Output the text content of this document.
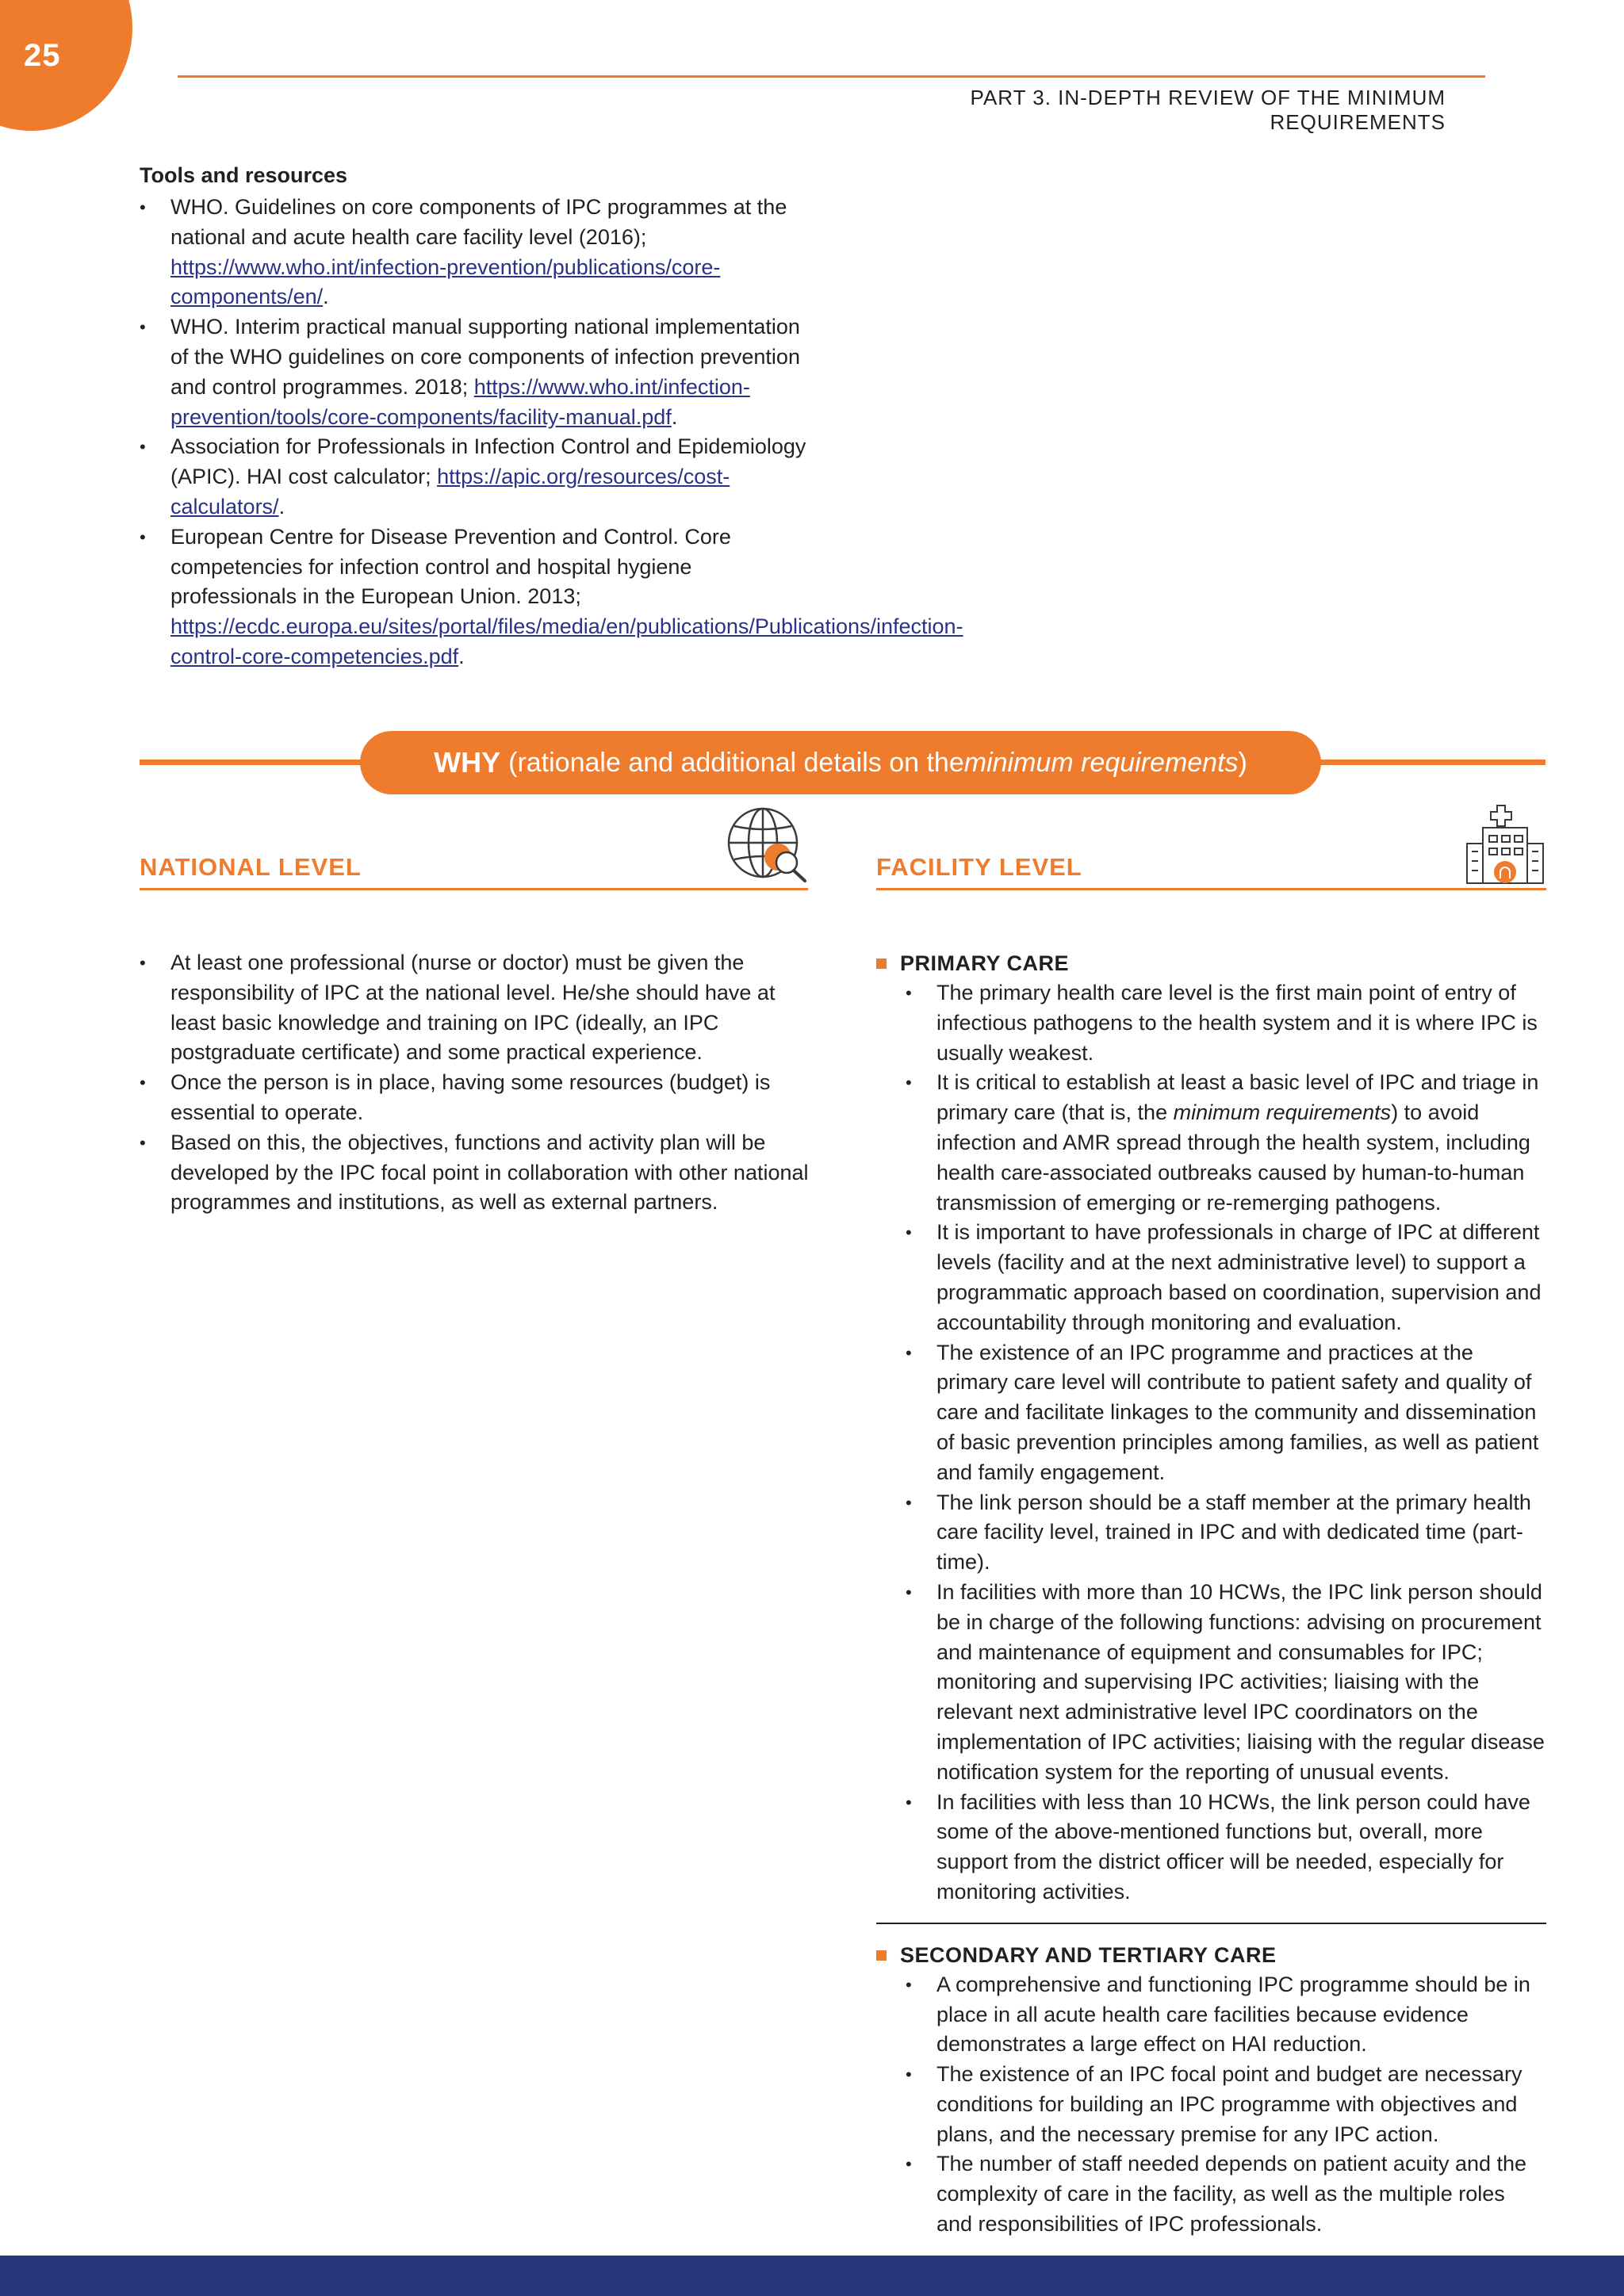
25
PART 3. IN-DEPTH REVIEW OF THE MINIMUM REQUIREMENTS
Tools and resources
• WHO. Guidelines on core components of IPC programmes at the national and acute health care facility level (2016); https://www.who.int/infection-prevention/publications/core-components/en/.
• WHO. Interim practical manual supporting national implementation of the WHO guidelines on core components of infection prevention and control programmes. 2018; https://www.who.int/infection-prevention/tools/core-components/facility-manual.pdf.
• Association for Professionals in Infection Control and Epidemiology (APIC). HAI cost calculator; https://apic.org/resources/cost-calculators/.
• European Centre for Disease Prevention and Control. Core competencies for infection control and hospital hygiene professionals in the European Union. 2013; https://ecdc.europa.eu/sites/portal/files/media/en/publications/Publications/infection-control-core-competencies.pdf.
WHY (rationale and additional details on the minimum requirements )
NATIONAL LEVEL	FACILITY LEVEL
• At least one professional (nurse or doctor) must be given the responsibility of IPC at the national level. He/she should have at least basic knowledge and training on IPC (ideally, an IPC postgraduate certificate) and some practical experience.
• Once the person is in place, having some resources (budget) is essential to operate.
• Based on this, the objectives, functions and activity plan will be developed by the IPC focal point in collaboration with other national programmes and institutions, as well as external partners.
PRIMARY CARE
• The primary health care level is the first main point of entry of infectious pathogens to the health system and it is where IPC is usually weakest.
• It is critical to establish at least a basic level of IPC and triage in primary care (that is, the minimum requirements) to avoid infection and AMR spread through the health system, including health care-associated outbreaks caused by human-to-human transmission of emerging or re-remerging pathogens.
• It is important to have professionals in charge of IPC at different levels (facility and at the next administrative level) to support a programmatic approach based on coordination, supervision and accountability through monitoring and evaluation.
• The existence of an IPC programme and practices at the primary care level will contribute to patient safety and quality of care and facilitate linkages to the community and dissemination of basic prevention principles among families, as well as patient and family engagement.
• The link person should be a staff member at the primary health care facility level, trained in IPC and with dedicated time (part-time).
• In facilities with more than 10 HCWs, the IPC link person should be in charge of the following functions: advising on procurement and maintenance of equipment and consumables for IPC; monitoring and supervising IPC activities; liaising with the relevant next administrative level IPC coordinators on the implementation of IPC activities; liaising with the regular disease notification system for the reporting of unusual events.
• In facilities with less than 10 HCWs, the link person could have some of the above-mentioned functions but, overall, more support from the district officer will be needed, especially for monitoring activities.
SECONDARY AND TERTIARY CARE
• A comprehensive and functioning IPC programme should be in place in all acute health care facilities because evidence demonstrates a large effect on HAI reduction.
• The existence of an IPC focal point and budget are necessary conditions for building an IPC programme with objectives and plans, and the necessary premise for any IPC action.
• The number of staff needed depends on patient acuity and the complexity of care in the facility, as well as the multiple roles and responsibilities of IPC professionals.
